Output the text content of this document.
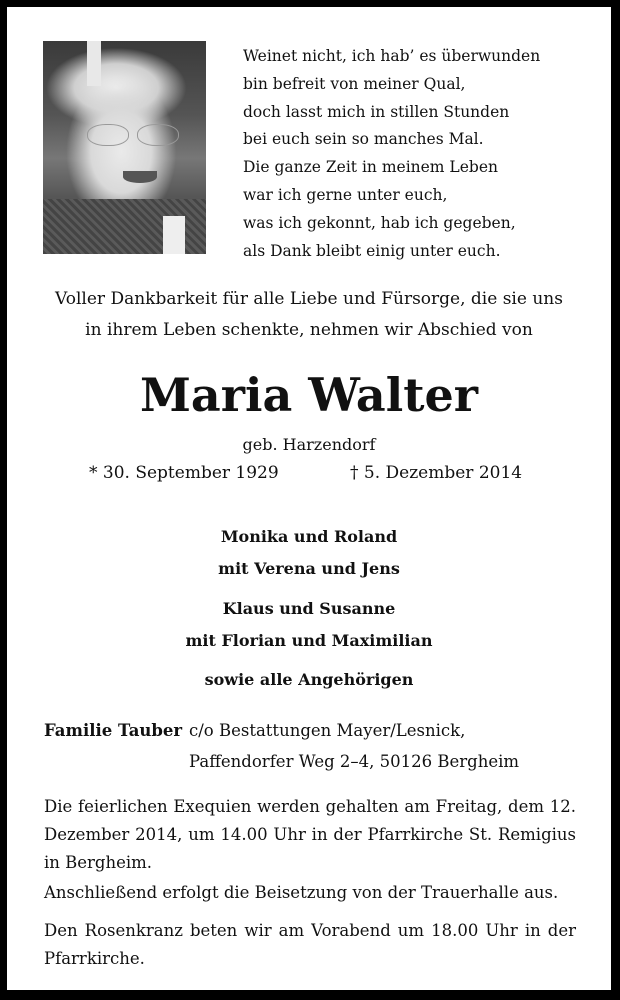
Weinet nicht, ich hab’ es überwunden
bin befreit von meiner Qual,
doch lasst mich in stillen Stunden
bei euch sein so manches Mal.
Die ganze Zeit in meinem Leben
war ich gerne unter euch,
was ich gekonnt, hab ich gegeben,
als Dank bleibt einig unter euch.
Voller Dankbarkeit für alle Liebe und Fürsorge, die sie uns
in ihrem Leben schenkte, nehmen wir Abschied von
Maria Walter
geb. Harzendorf
* 30. September 1929	† 5. Dezember 2014
Monika und Roland
mit Verena und Jens
Klaus und Susanne
mit Florian und Maximilian
sowie alle Angehörigen
Familie Tauber c/o Bestattungen Mayer/Lesnick,
Paffendorfer Weg 2–4, 50126 Bergheim
Die feierlichen Exequien werden gehalten am Freitag, dem 12. Dezember 2014, um 14.00 Uhr in der Pfarrkirche St. Remigius in Bergheim.
Anschließend erfolgt die Beisetzung von der Trauerhalle aus.
Den Rosenkranz beten wir am Vorabend um 18.00 Uhr in der Pfarrkirche.
